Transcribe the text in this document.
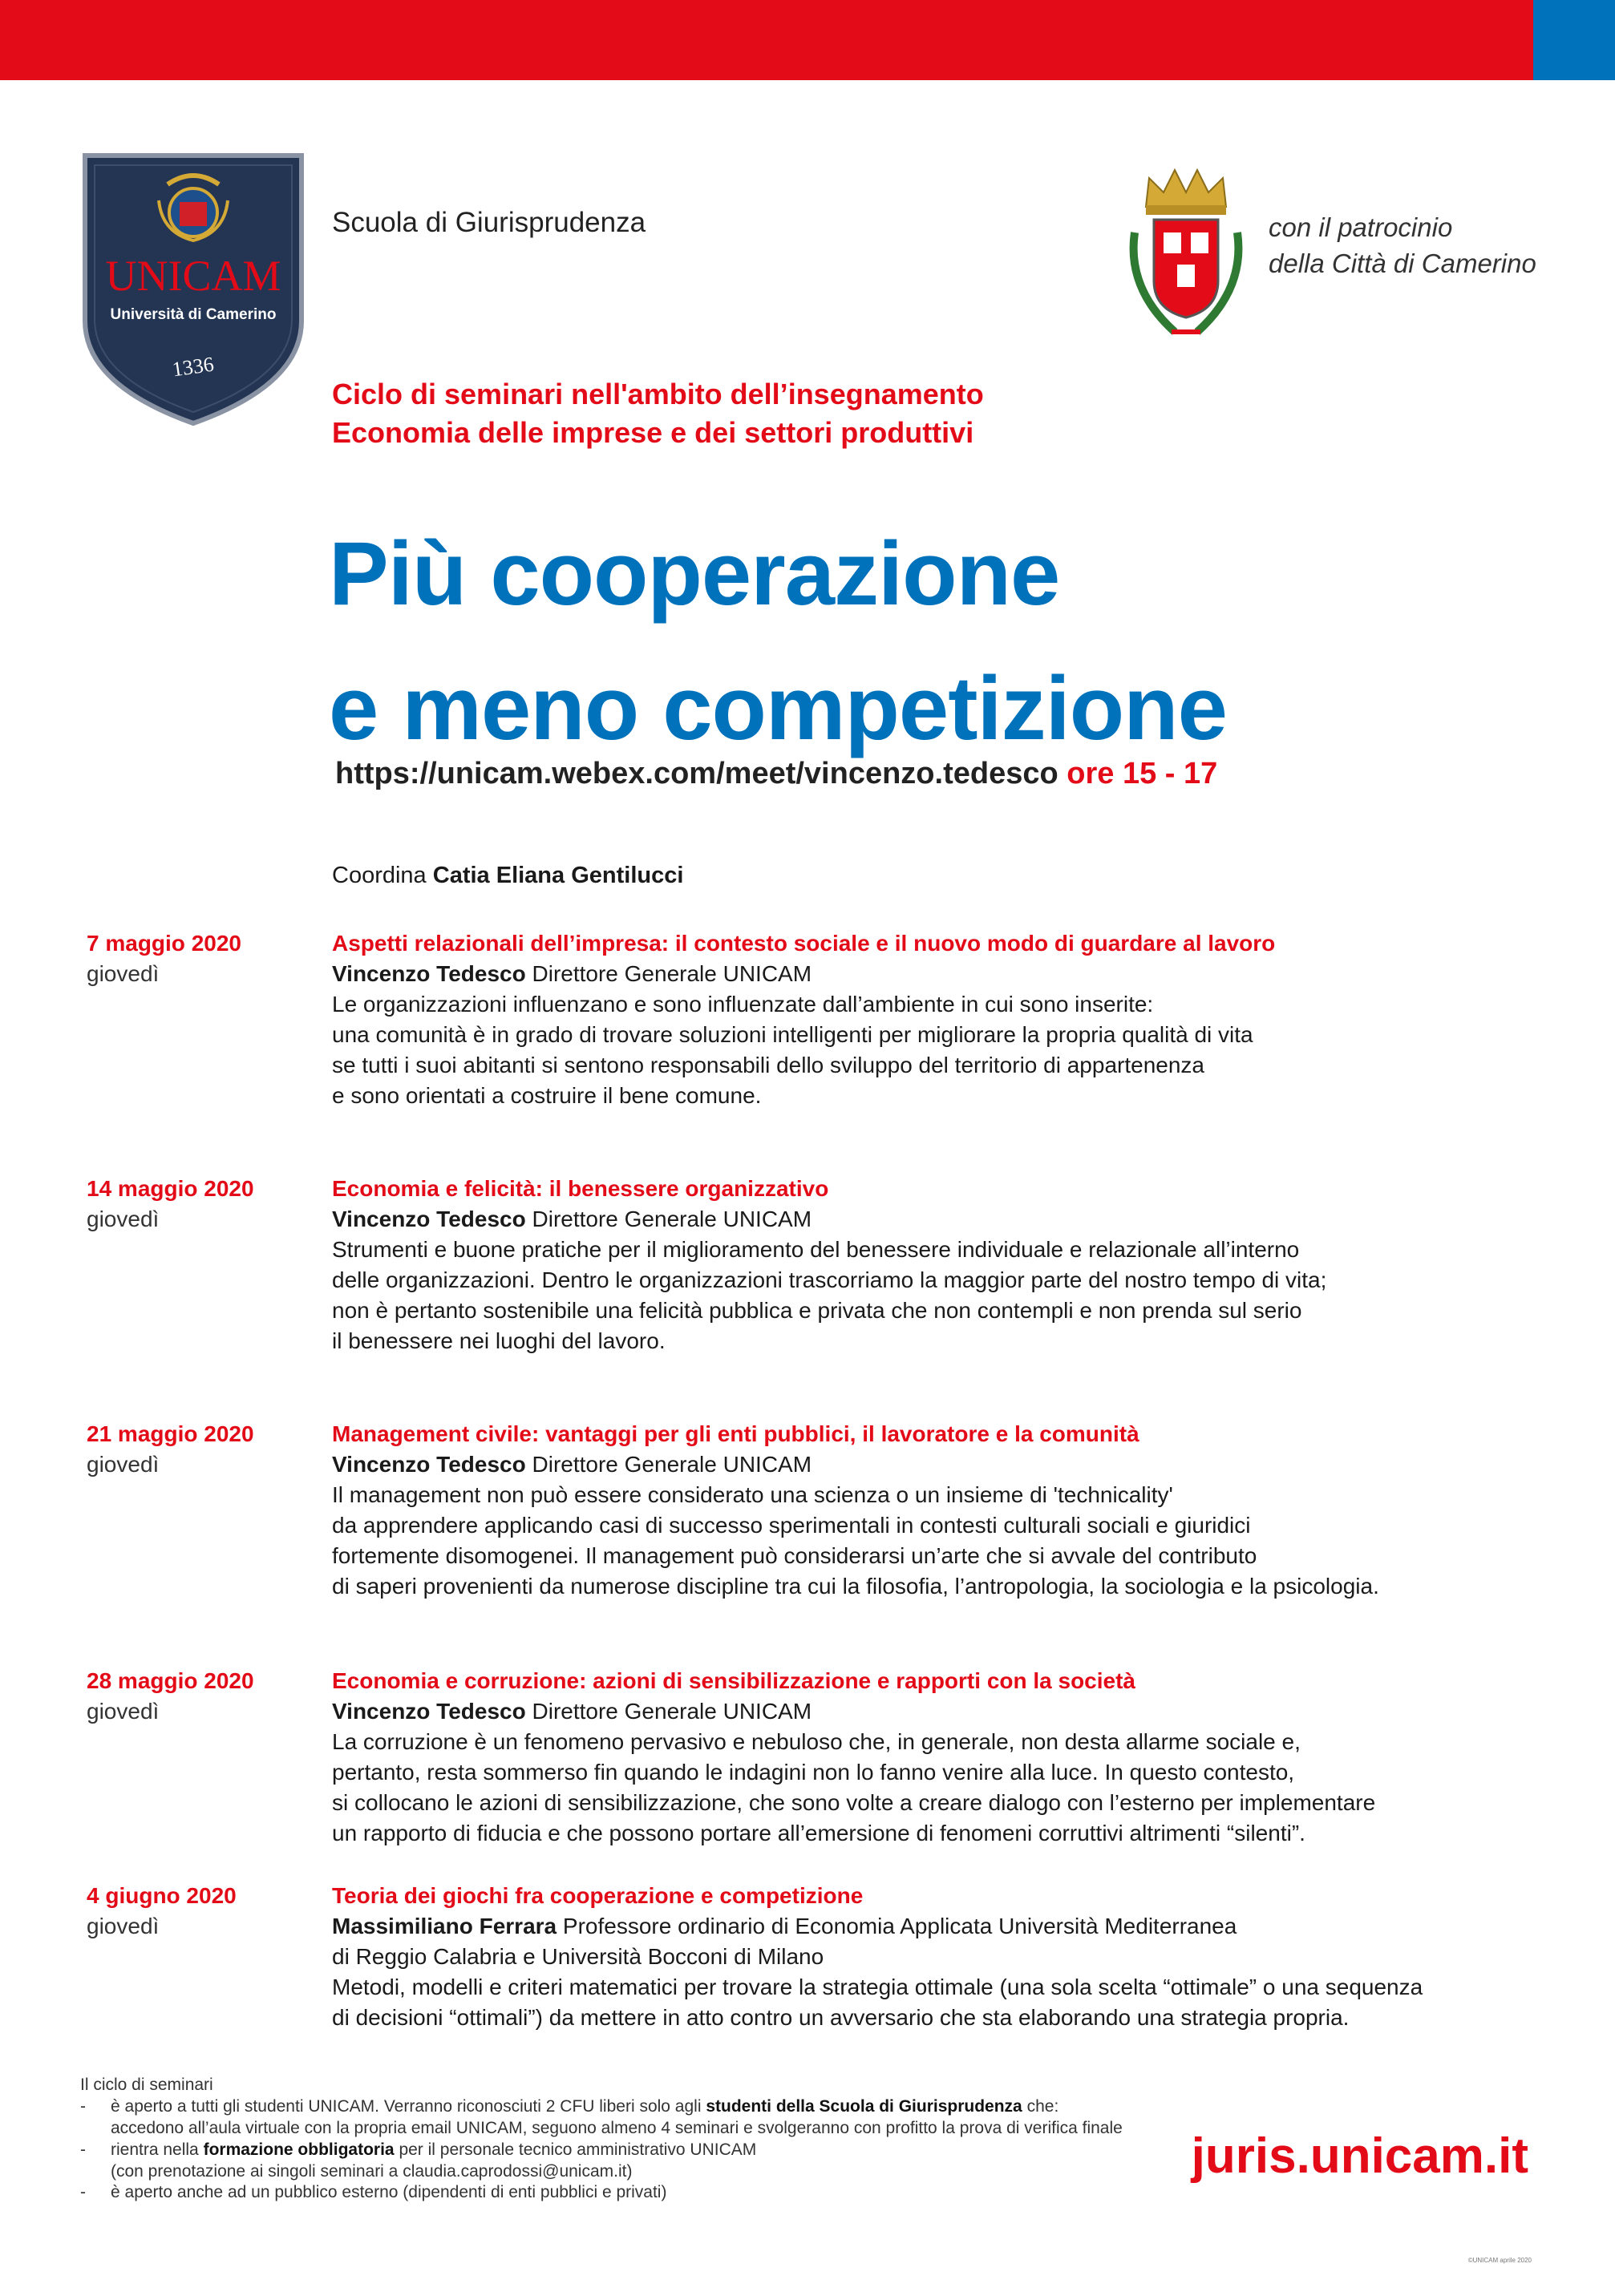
UNICAM
Università di Camerino
1336
Scuola di Giurisprudenza	con il patrocinio
della Città di Camerino
Ciclo di seminari nell'ambito dell’insegnamento
Economia delle imprese e dei settori produttivi
Più cooperazione
e meno competizione
https://unicam.webex.com/meet/vincenzo.tedesco ore 15 - 17
Coordina Catia Eliana Gentilucci
7 maggio 2020
giovedì
Aspetti relazionali dell’impresa: il contesto sociale e il nuovo modo di guardare al lavoro
Vincenzo Tedesco Direttore Generale UNICAM
Le organizzazioni influenzano e sono influenzate dall’ambiente in cui sono inserite:
una comunità è in grado di trovare soluzioni intelligenti per migliorare la propria qualità di vita
se tutti i suoi abitanti si sentono responsabili dello sviluppo del territorio di appartenenza
e sono orientati a costruire il bene comune.
14 maggio 2020
giovedì
Economia e felicità: il benessere organizzativo
Vincenzo Tedesco Direttore Generale UNICAM
Strumenti e buone pratiche per il miglioramento del benessere individuale e relazionale all’interno
delle organizzazioni. Dentro le organizzazioni trascorriamo la maggior parte del nostro tempo di vita;
non è pertanto sostenibile una felicità pubblica e privata che non contempli e non prenda sul serio
il benessere nei luoghi del lavoro.
21 maggio 2020
giovedì
Management civile: vantaggi per gli enti pubblici, il lavoratore e la comunità
Vincenzo Tedesco Direttore Generale UNICAM
Il management non può essere considerato una scienza o un insieme di 'technicality'
da apprendere applicando casi di successo sperimentali in contesti culturali sociali e giuridici
fortemente disomogenei. Il management può considerarsi un’arte che si avvale del contributo
di saperi provenienti da numerose discipline tra cui la filosofia, l’antropologia, la sociologia e la psicologia.
28 maggio 2020
giovedì
Economia e corruzione: azioni di sensibilizzazione e rapporti con la società
Vincenzo Tedesco Direttore Generale UNICAM
La corruzione è un fenomeno pervasivo e nebuloso che, in generale, non desta allarme sociale e,
pertanto, resta sommerso fin quando le indagini non lo fanno venire alla luce. In questo contesto,
si collocano le azioni di sensibilizzazione, che sono volte a creare dialogo con l’esterno per implementare
un rapporto di fiducia e che possono portare all’emersione di fenomeni corruttivi altrimenti “silenti”.
4 giugno 2020
giovedì
Teoria dei giochi fra cooperazione e competizione
Massimiliano Ferrara Professore ordinario di Economia Applicata Università Mediterranea
di Reggio Calabria e Università Bocconi di Milano
Metodi, modelli e criteri matematici per trovare la strategia ottimale (una sola scelta “ottimale” o una sequenza
di decisioni “ottimali”) da mettere in atto contro un avversario che sta elaborando una strategia propria.
Il ciclo di seminari
-	è aperto a tutti gli studenti UNICAM. Verranno riconosciuti 2 CFU liberi solo agli studenti della Scuola di Giurisprudenza che:
accedono all’aula virtuale con la propria email UNICAM, seguono almeno 4 seminari e svolgeranno con profitto la prova di verifica finale
-	rientra nella formazione obbligatoria per il personale tecnico amministrativo UNICAM
(con prenotazione ai singoli seminari a claudia.caprodossi@unicam.it)
-	è aperto anche ad un pubblico esterno (dipendenti di enti pubblici e privati)
juris.unicam.it
©UNICAM aprile 2020
